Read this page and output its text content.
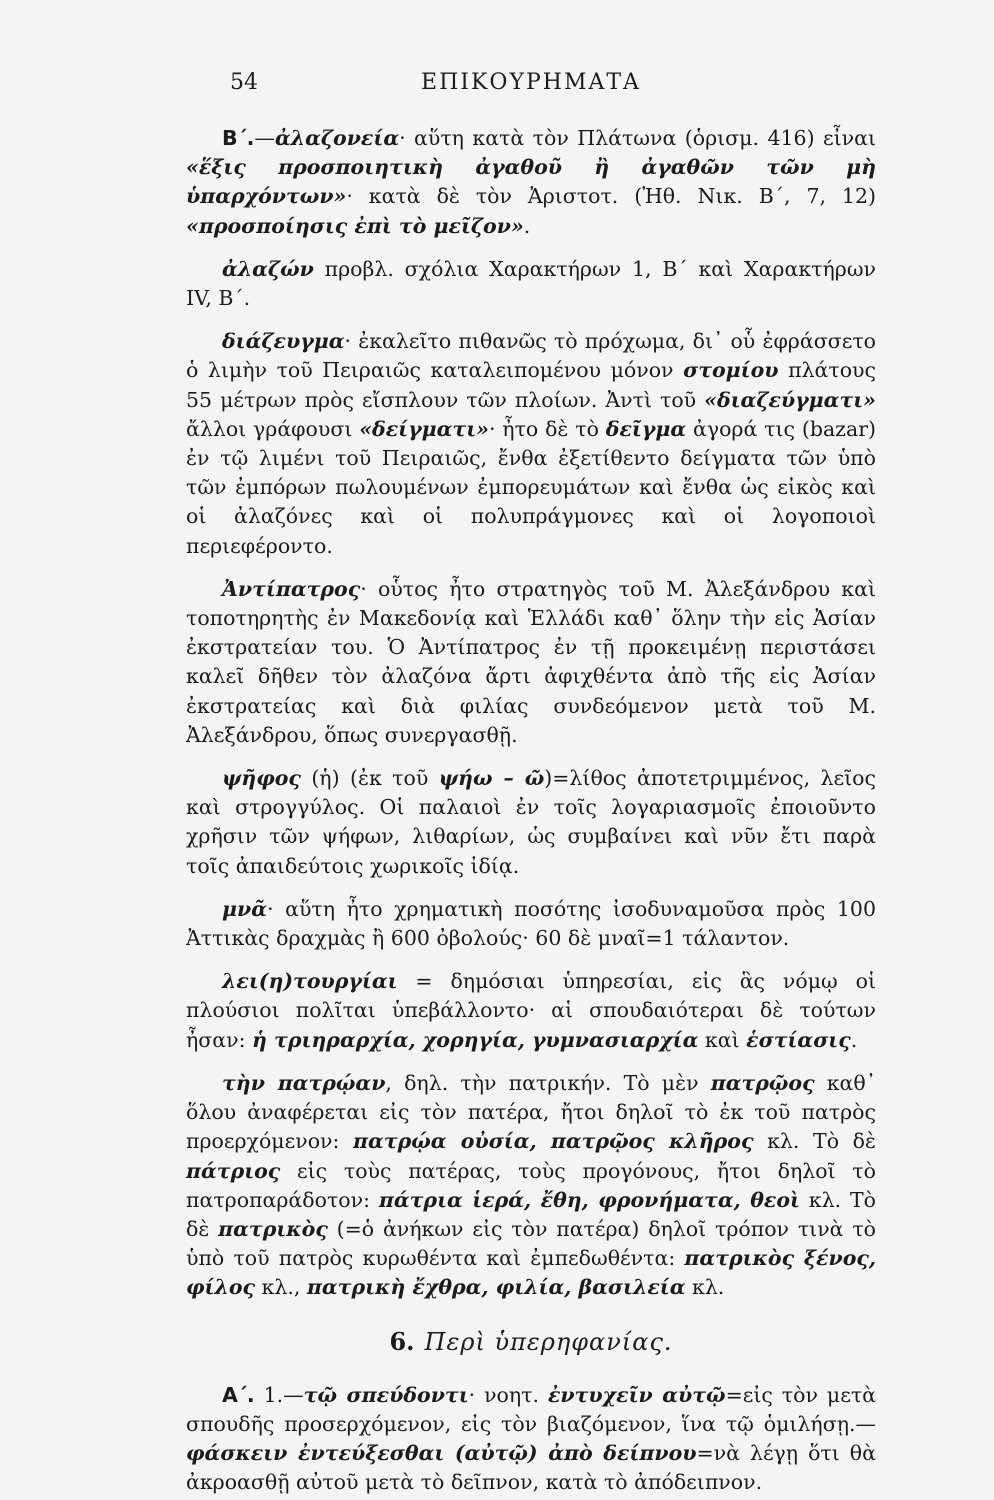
54	ΕΠΙΚΟΥΡΗΜΑΤΑ

Β΄.—ἀλαζονεία· αὕτη κατὰ τὸν Πλάτωνα (ὁρισμ. 416) εἶναι «ἕξις προσποιητικὴ ἀγαθοῦ ἢ ἀγαθῶν τῶν μὴ ὑπαρχόντων»· κατὰ δὲ τὸν Ἀριστοτ. (Ἠθ. Νικ. Β΄, 7, 12) «προσποίησις ἐπὶ τὸ μεῖζον».

ἀλαζών προβλ. σχόλια Χαρακτήρων 1, Β΄ καὶ Χαρακτήρων IV, Β΄.

διάζευγμα· ἐκαλεῖτο πιθανῶς τὸ πρόχωμα, δι᾽ οὗ ἐφράσσετο ὁ λιμὴν τοῦ Πειραιῶς καταλειπομένου μόνον στομίου πλάτους 55 μέτρων πρὸς εἴσπλουν τῶν πλοίων. Ἀντὶ τοῦ «διαζεύγματι» ἄλλοι γράφουσι «δείγματι»· ἦτο δὲ τὸ δεῖγμα ἀγορά τις (bazar) ἐν τῷ λιμένι τοῦ Πειραιῶς, ἔνθα ἐξετίθεντο δείγματα τῶν ὑπὸ τῶν ἐμπόρων πωλουμένων ἐμπορευμάτων καὶ ἔνθα ὡς εἰκὸς καὶ οἱ ἀλαζόνες καὶ οἱ πολυπράγμονες καὶ οἱ λογοποιοὶ περιεφέροντο.

Ἀντίπατρος· οὗτος ἦτο στρατηγὸς τοῦ Μ. Ἀλεξάνδρου καὶ τοποτηρητὴς ἐν Μακεδονίᾳ καὶ Ἑλλάδι καθ᾽ ὅλην τὴν εἰς Ἀσίαν ἐκστρατείαν του. Ὁ Ἀντίπατρος ἐν τῇ προκειμένῃ περιστάσει καλεῖ δῆθεν τὸν ἀλαζόνα ἄρτι ἀφιχθέντα ἀπὸ τῆς εἰς Ἀσίαν ἐκστρατείας καὶ διὰ φιλίας συνδεόμενον μετὰ τοῦ Μ. Ἀλεξάνδρου, ὅπως συνεργασθῇ.

ψῆφος (ἡ) (ἐκ τοῦ ψήω – ῶ)=λίθος ἀποτετριμμένος, λεῖος καὶ στρογγύλος. Οἱ παλαιοὶ ἐν τοῖς λογαριασμοῖς ἐποιοῦντο χρῆσιν τῶν ψήφων, λιθαρίων, ὡς συμβαίνει καὶ νῦν ἔτι παρὰ τοῖς ἀπαιδεύτοις χωρικοῖς ἰδίᾳ.

μνᾶ· αὕτη ἦτο χρηματικὴ ποσότης ἰσοδυναμοῦσα πρὸς 100 Ἀττικὰς δραχμὰς ἢ 600 ὀβολούς· 60 δὲ μναῖ=1 τάλαντον.

λει(η)τουργίαι = δημόσιαι ὑπηρεσίαι, εἰς ἃς νόμῳ οἱ πλούσιοι πολῖται ὑπεβάλλοντο· αἱ σπουδαιότεραι δὲ τούτων ἦσαν: ἡ τριηραρχία, χορηγία, γυμνασιαρχία καὶ ἑστίασις.

τὴν πατρῴαν, δηλ. τὴν πατρικήν. Τὸ μὲν πατρῷος καθ᾽ ὅλου ἀναφέρεται εἰς τὸν πατέρα, ἤτοι δηλοῖ τὸ ἐκ τοῦ πατρὸς προερχόμενον: πατρῴα οὐσία, πατρῷος κλῆρος κλ. Τὸ δὲ πάτριος εἰς τοὺς πατέρας, τοὺς προγόνους, ἤτοι δηλοῖ τὸ πατροπαράδοτον: πάτρια ἱερά, ἔθη, φρονήματα, θεοὶ κλ. Τὸ δὲ πατρικὸς (=ὁ ἀνήκων εἰς τὸν πατέρα) δηλοῖ τρόπον τινὰ τὸ ὑπὸ τοῦ πατρὸς κυρωθέντα καὶ ἐμπεδωθέντα: πατρικὸς ξένος, φίλος κλ., πατρικὴ ἔχθρα, φιλία, βασιλεία κλ.

6. Περὶ ὑπερηφανίας.

Α΄. 1.—τῷ σπεύδοντι· νοητ. ἐντυχεῖν αὐτῷ=εἰς τὸν μετὰ σπουδῆς προσερχόμενον, εἰς τὸν βιαζόμενον, ἵνα τῷ ὁμιλήσῃ.— φάσκειν ἐντεύξεσθαι (αὐτῷ) ἀπὸ δείπνου=νὰ λέγῃ ὅτι θὰ ἀκροασθῇ αὐτοῦ μετὰ τὸ δεῖπνον, κατὰ τὸ ἀπόδειπνον.
